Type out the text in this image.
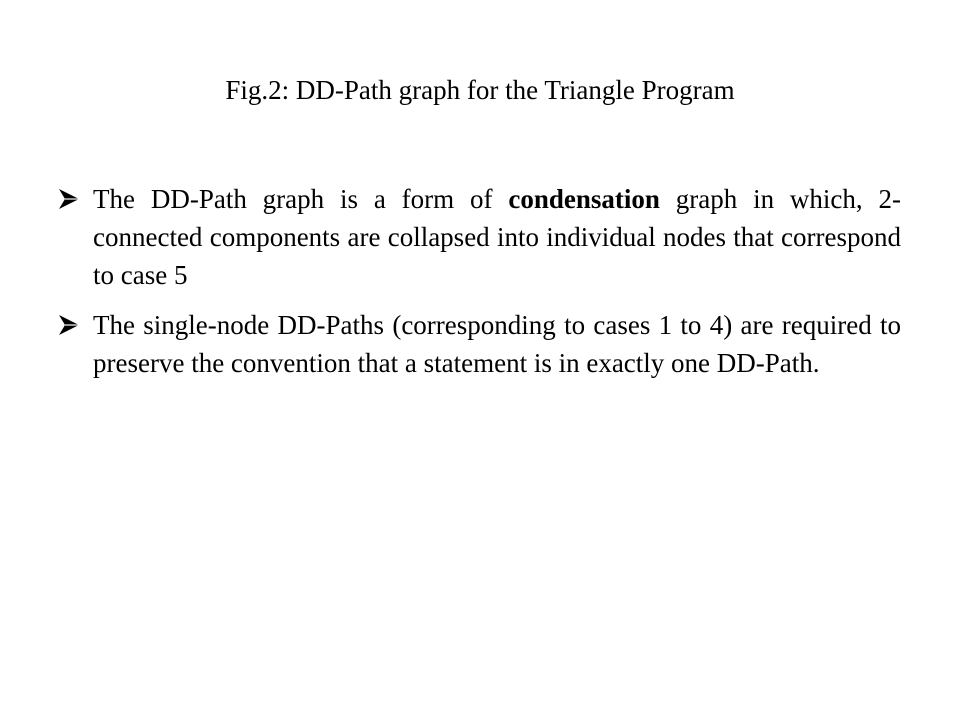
Fig.2: DD-Path graph for the Triangle Program
The DD-Path graph is a form of condensation graph in which, 2-connected components are collapsed into individual nodes that correspond to case 5
The single-node DD-Paths (corresponding to cases 1 to 4) are required to preserve the convention that a statement is in exactly one DD-Path.
